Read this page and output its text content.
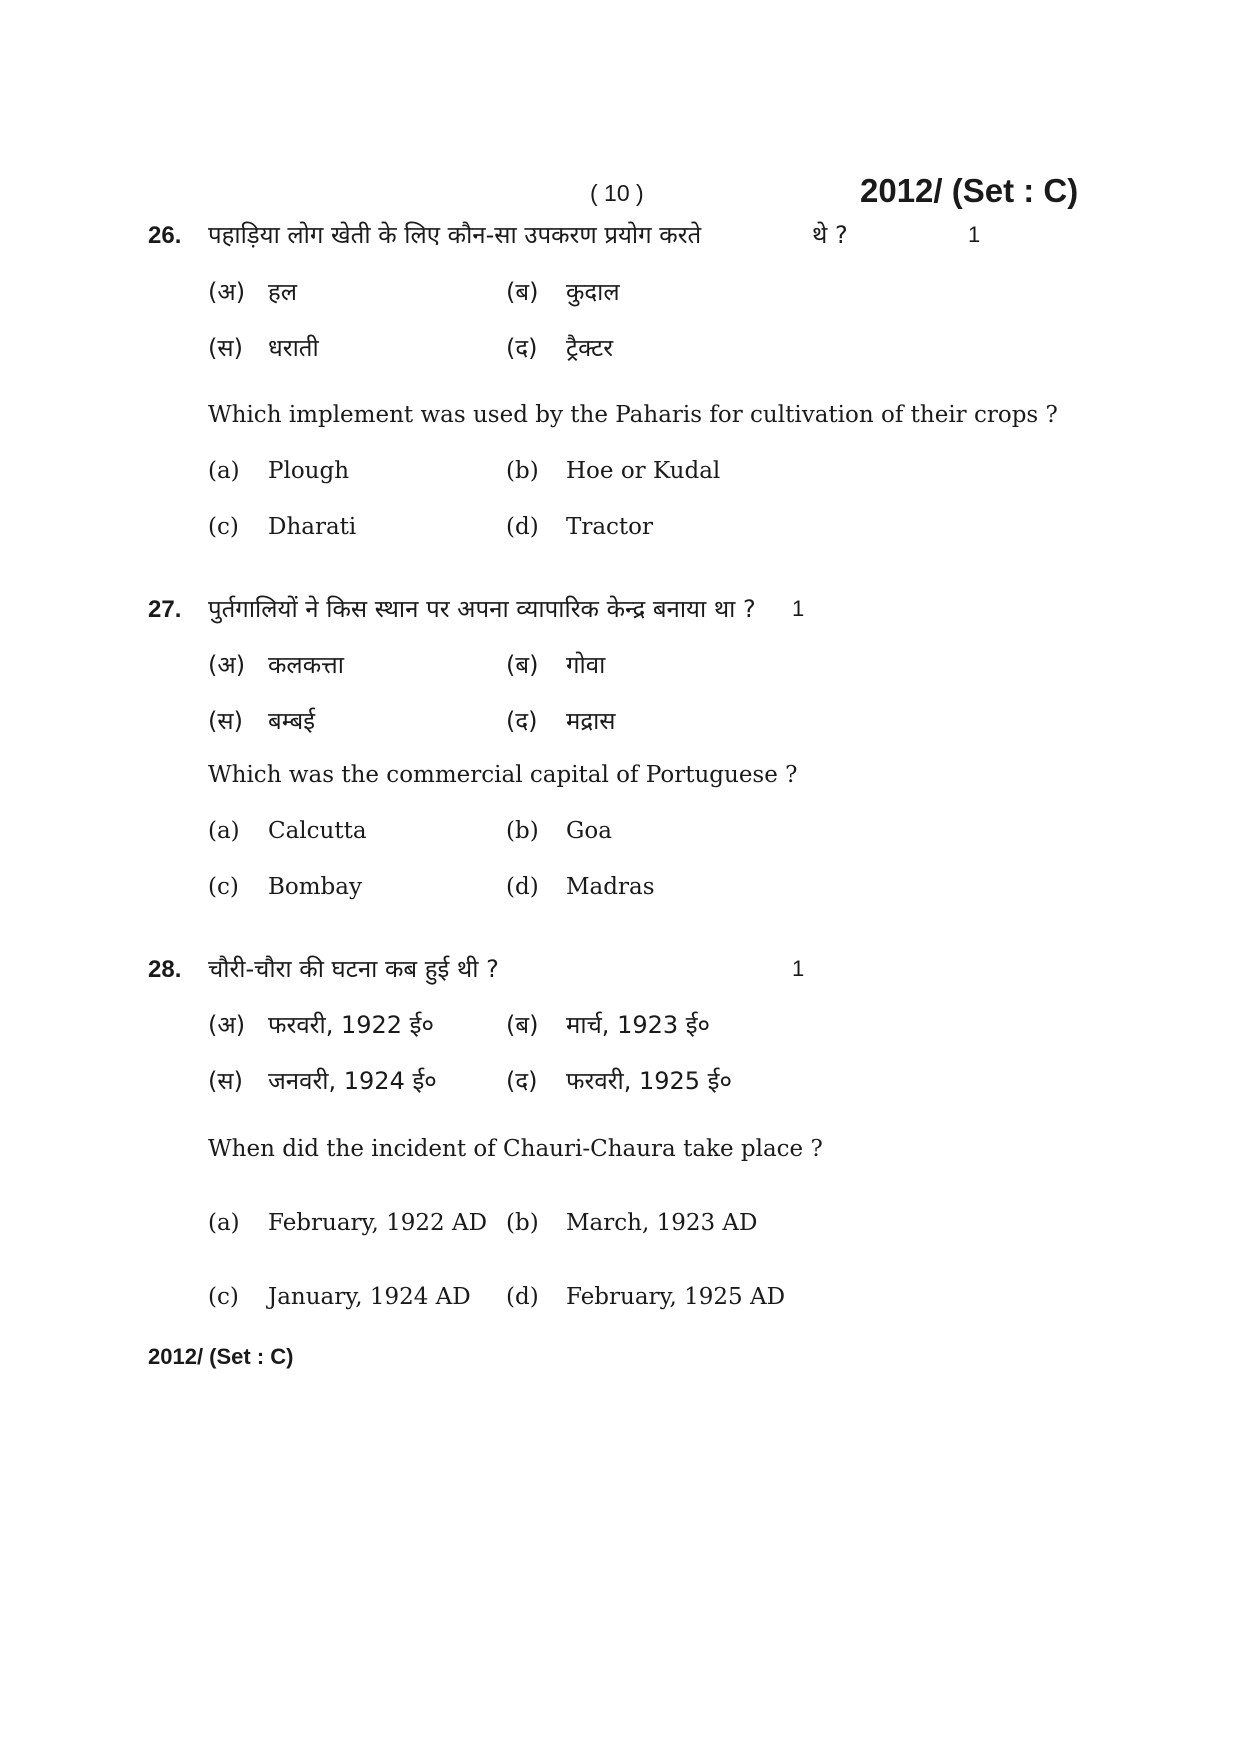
( 10 )	2012/ (Set : C)
26. पहाड़िया लोग खेती के लिए कौन-सा उपकरण प्रयोग करते	थे ?	1
(अ) हल	(ब) कुदाल
(स) धराती	(द) ट्रैक्टर
Which implement was used by the Paharis for cultivation of their crops ?
(a) Plough	(b) Hoe or Kudal
(c) Dharati	(d) Tractor
27. पुर्तगालियों ने किस स्थान पर अपना व्यापारिक केन्द्र बनाया था ? 1
(अ) कलकत्ता	(ब) गोवा
(स) बम्बई	(द) मद्रास
Which was the commercial capital of Portuguese ?
(a) Calcutta	(b) Goa
(c) Bombay	(d) Madras
28. चौरी-चौरा की घटना कब हुई थी ?	1
(अ) फरवरी, 1922 ई०	(ब) मार्च, 1923 ई०
(स) जनवरी, 1924 ई०	(द) फरवरी, 1925 ई०
When did the incident of Chauri-Chaura take place ?
(a) February, 1922 AD (b) March, 1923 AD
(c) January, 1924 AD (d) February, 1925 AD
2012/ (Set : C)
